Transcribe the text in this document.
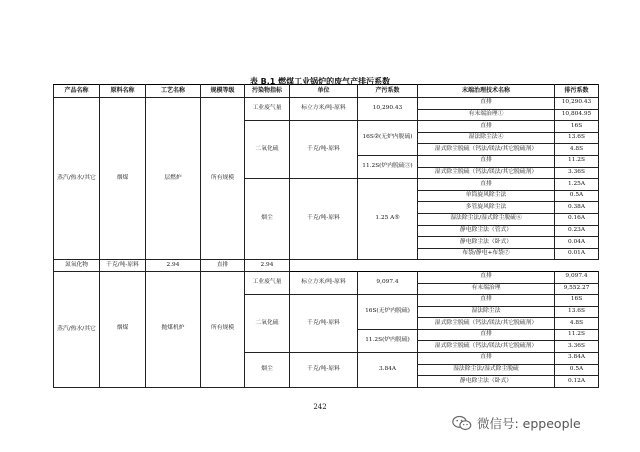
表 B.1 燃煤工业锅炉的废气产排污系数
产品名称	原料名称	工艺名称	规模等级	污染物指标	单位	产污系数	末端治理技术名称	排污系数
蒸汽/热水/其它	烟煤	层燃炉	所有规模	工业废气量	标立方米/吨-原料	10,290.43	直排	10,290.43
							有末端治理①	10,804.95
				二氧化硫	千克/吨-原料	16S②(无炉内脱硫)	直排	16S
							湿法除尘法④	13.6S
							湿式除尘脱硫（钙法/镁法/其它脱硫剂）	4.8S
						11.2S(炉内脱硫③)	直排	11.2S
							湿式除尘脱硫（钙法/镁法/其它脱硫剂）	3.36S
				烟尘	千克/吨-原料	1.25 A⑤	直排	1.25A
							单筒旋风除尘法	0.5A
							多管旋风除尘法	0.38A
							湿法除尘法/湿式除尘脱硫⑥	0.16A
							静电除尘法（管式）	0.23A
							静电除尘法（卧式）	0.04A
							布袋/静电+布袋⑦	0.01A
氮氧化物	千克/吨-原料	2.94	直排	2.94				
蒸汽/热水/其它	烟煤	抛煤机炉	所有规模	工业废气量	标立方米/吨-原料	9,097.4	直排	9,097.4
							有末端治理	9,552.27
				二氧化硫	千克/吨-原料	16S(无炉内脱硫)	直排	16S
							湿法除尘法	13.6S
							湿式除尘脱硫（钙法/镁法/其它脱硫剂）	4.8S
						11.2S(炉内脱硫)	直排	11.2S
							湿式除尘脱硫（钙法/镁法/其它脱硫剂）	3.36S
				烟尘	千克/吨-原料	3.84A	直排	3.84A
							湿法除尘法/湿式除尘脱硫	0.5A
							静电除尘法（卧式）	0.12A
242
微信号: eppeople
